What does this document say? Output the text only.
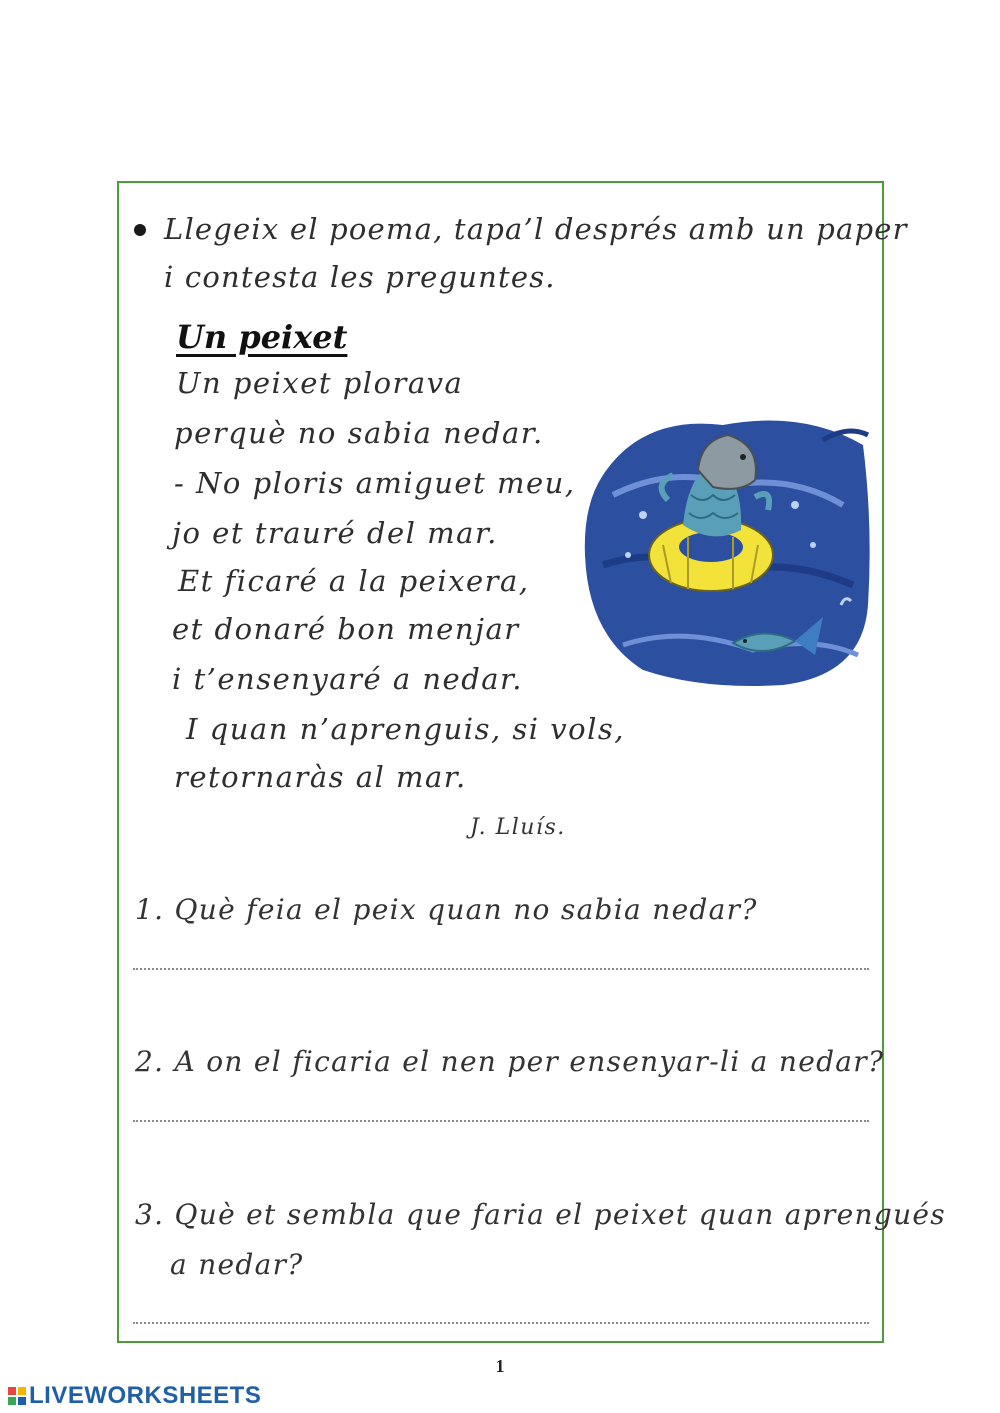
Llegeix el poema, tapa’l després amb un paper
i contesta les preguntes.
Un peixet
Un peixet plorava
perquè no sabia nedar.
- No ploris amiguet meu,
jo et trauré del mar.
Et ficaré a la peixera,
et donaré bon menjar
i t’ensenyaré a nedar.
I quan n’aprenguis, si vols,
retornaràs al mar.
J. Lluís.
1. Què feia el peix quan no sabia nedar?
2. A on el ficaria el nen per ensenyar-li a nedar?
3. Què et sembla que faria el peixet quan aprengués
a nedar?
1
LIVEWORKSHEETS
